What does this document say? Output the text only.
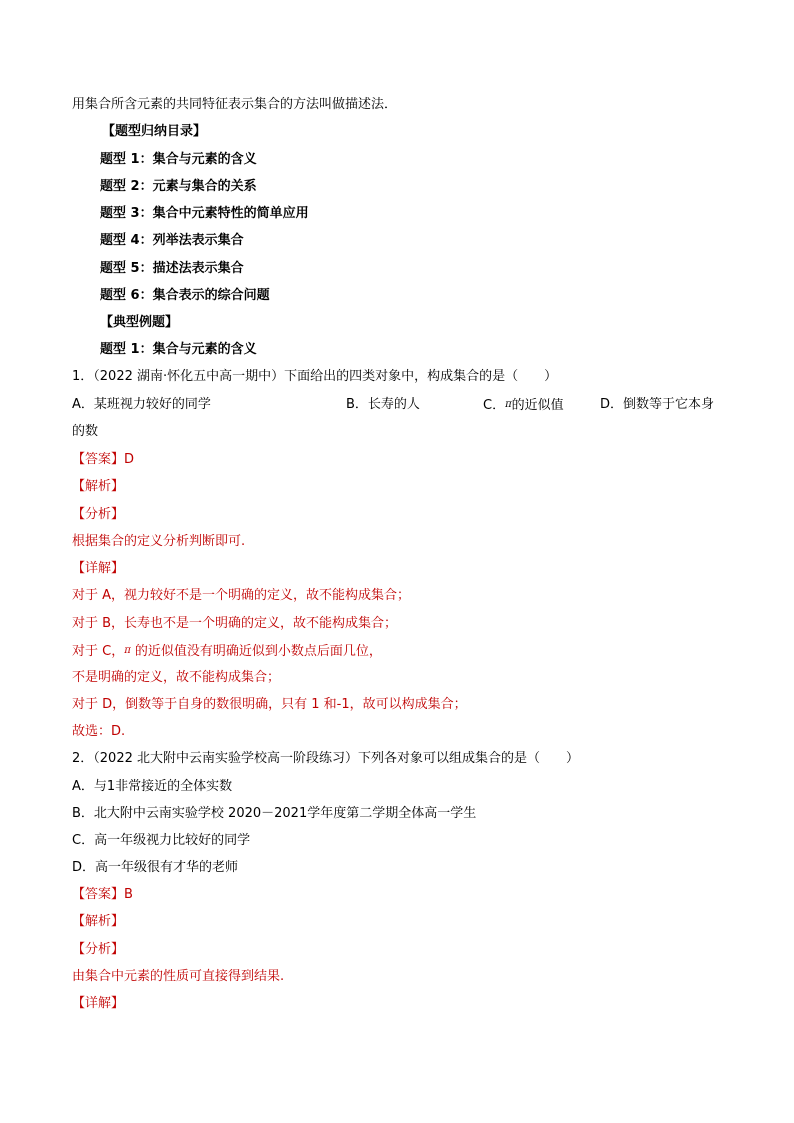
用集合所含元素的共同特征表示集合的方法叫做描述法．
【题型归纳目录】
题型 1：集合与元素的含义
题型 2：元素与集合的关系
题型 3：集合中元素特性的简单应用
题型 4：列举法表示集合
题型 5：描述法表示集合
题型 6：集合表示的综合问题
【典型例题】
题型 1：集合与元素的含义
1．（2022 湖南·怀化五中高一期中）下面给出的四类对象中，构成集合的是（　　）
A．某班视力较好的同学	B．长寿的人	C．π的近似值	D．倒数等于它本身
的数
【答案】D
【解析】
【分析】
根据集合的定义分析判断即可.
【详解】
对于 A，视力较好不是一个明确的定义，故不能构成集合；
对于 B，长寿也不是一个明确的定义，故不能构成集合；
对于 C，π 的近似值没有明确近似到小数点后面几位，
不是明确的定义，故不能构成集合；
对于 D，倒数等于自身的数很明确，只有 1 和-1，故可以构成集合；
故选：D.
2．（2022 北大附中云南实验学校高一阶段练习）下列各对象可以组成集合的是（　　）
A．与1非常接近的全体实数
B．北大附中云南实验学校 2020－2021学年度第二学期全体高一学生
C．高一年级视力比较好的同学
D．高一年级很有才华的老师
【答案】B
【解析】
【分析】
由集合中元素的性质可直接得到结果.
【详解】
